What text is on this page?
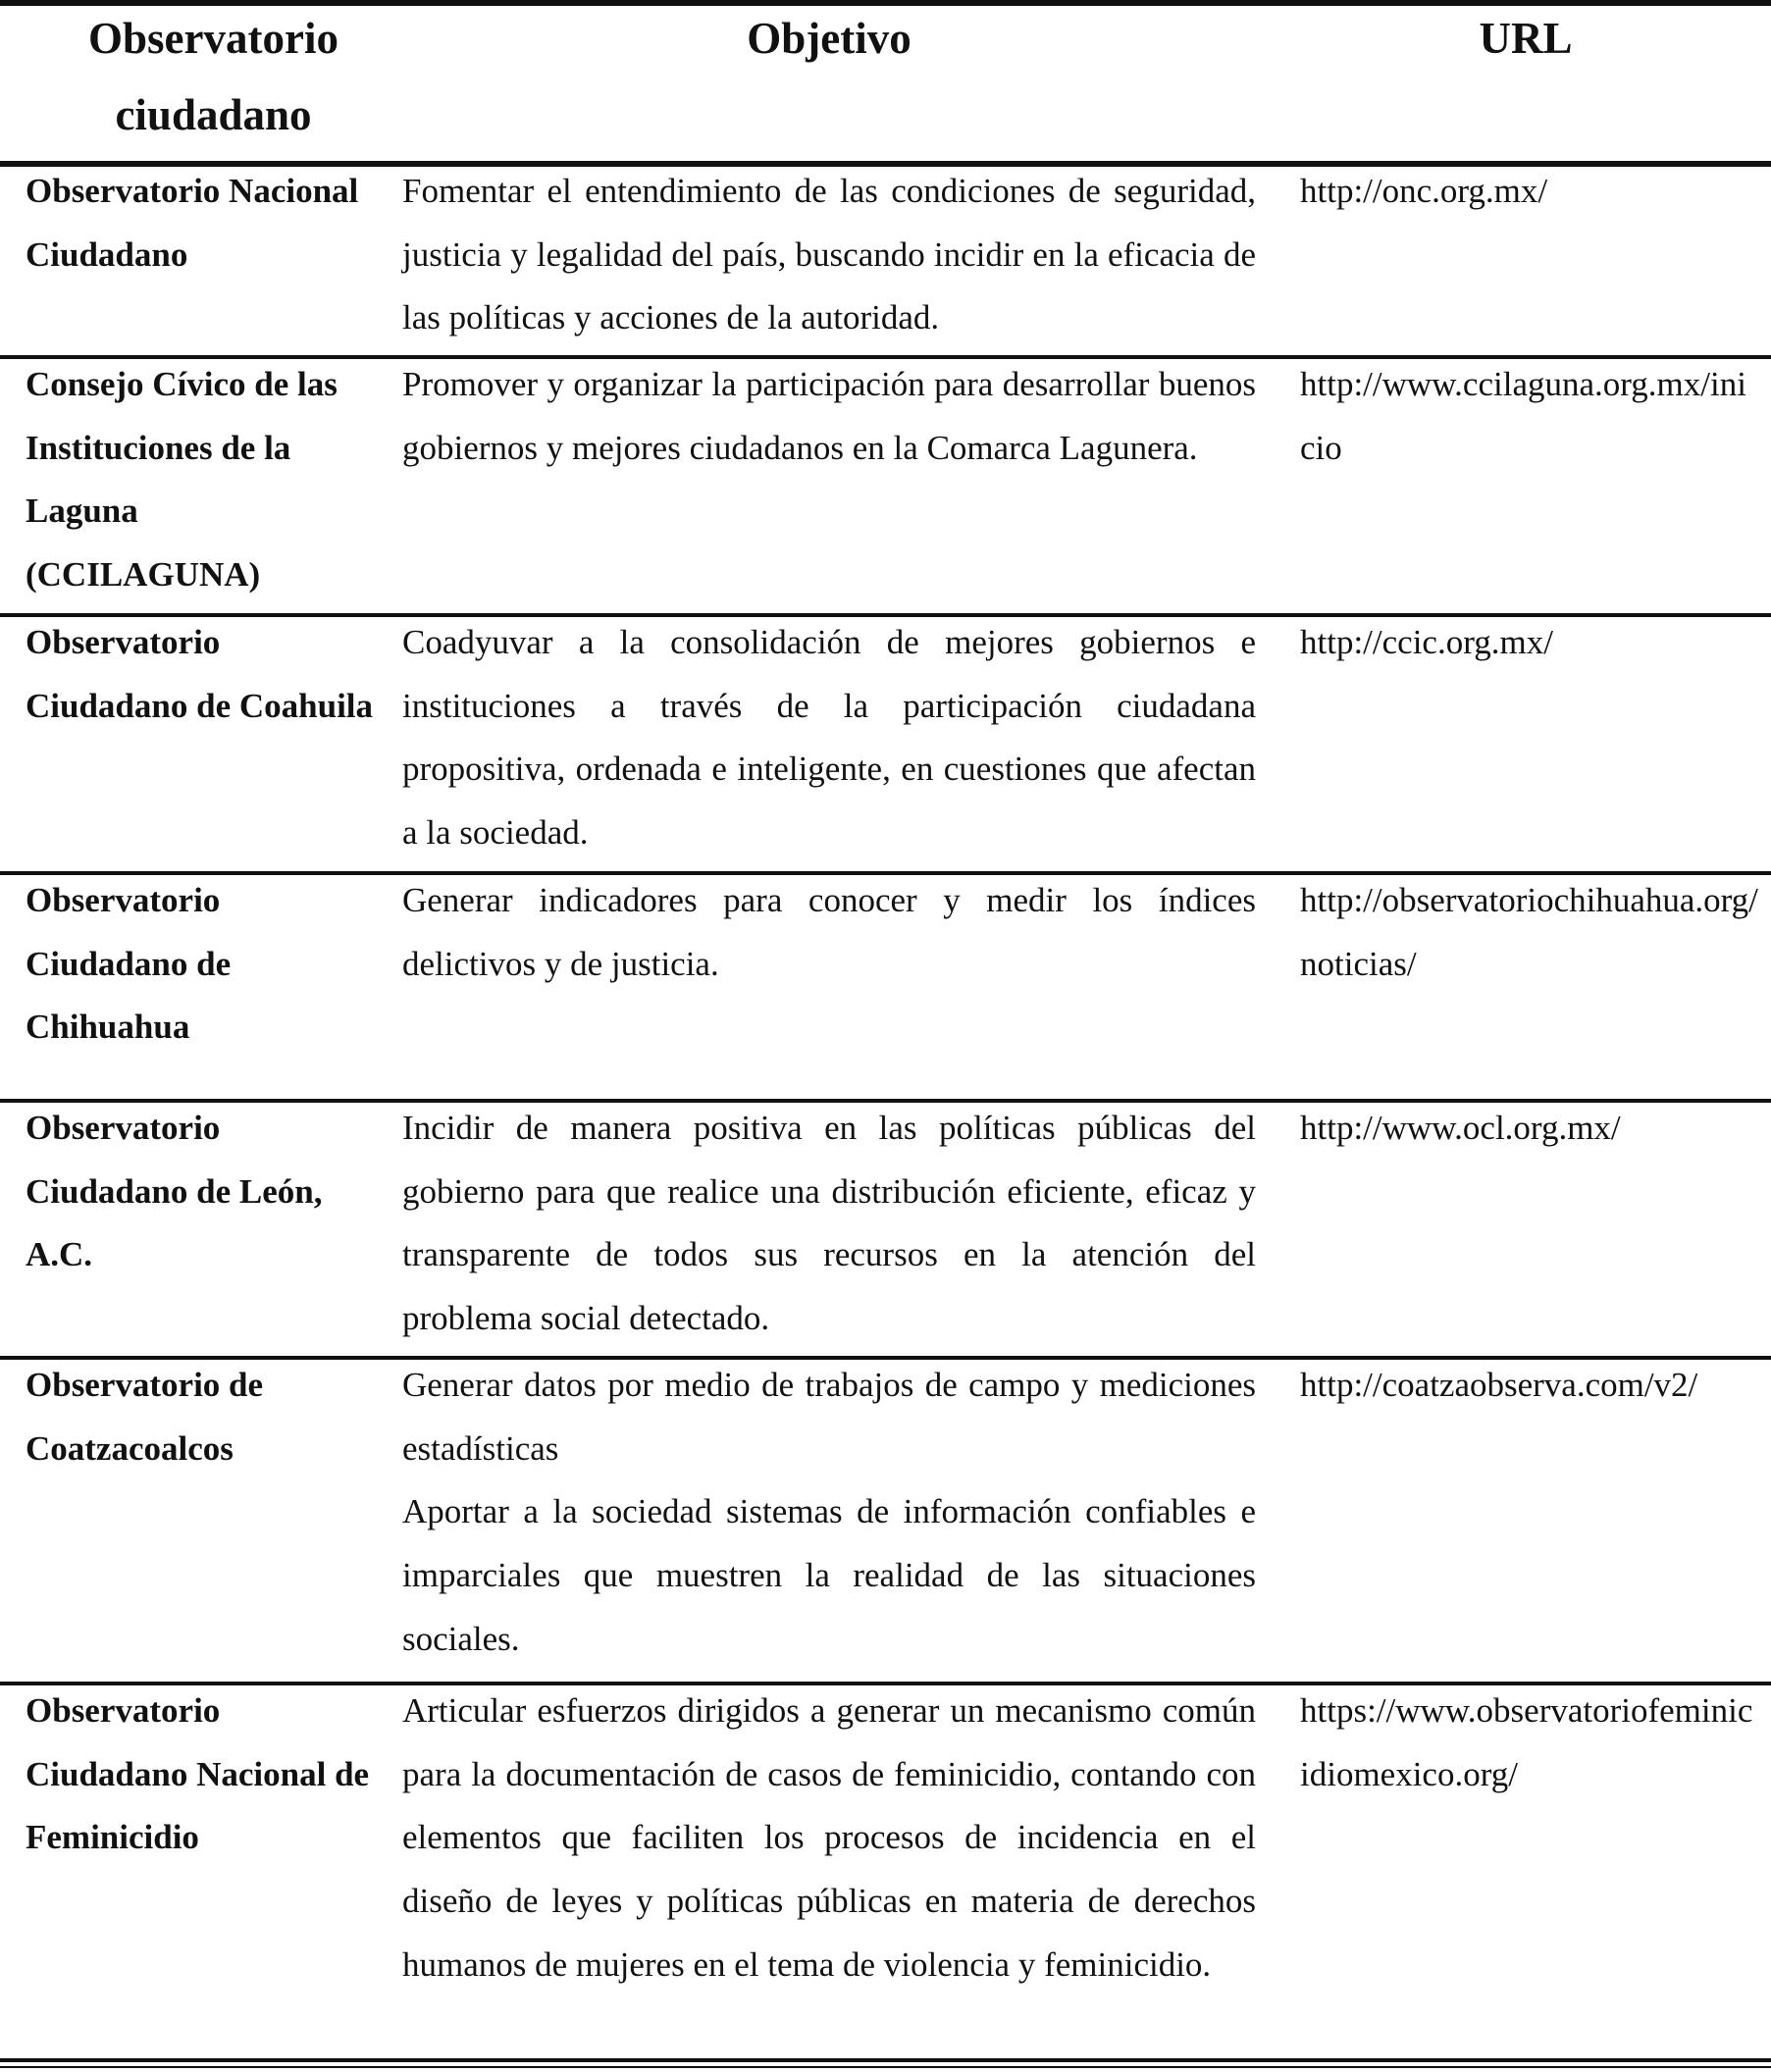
Observatorio ciudadano
Objetivo	URL
Observatorio Nacional Ciudadano
Fomentar el entendimiento de las condiciones de seguridad, justicia y legalidad del país, buscando incidir en la eficacia de las políticas y acciones de la autoridad.
http://onc.org.mx/
Consejo Cívico de las Instituciones de la Laguna (CCILAGUNA)
Promover y organizar la participación para desarrollar buenos gobiernos y mejores ciudadanos en la Comarca Lagunera.
http://www.ccilaguna.org.mx/inicio
Observatorio Ciudadano de Coahuila
Coadyuvar a la consolidación de mejores gobiernos e instituciones a través de la participación ciudadana propositiva, ordenada e inteligente, en cuestiones que afectan a la sociedad.
http://ccic.org.mx/
Observatorio Ciudadano de Chihuahua
Generar indicadores para conocer y medir los índices delictivos y de justicia.
http://observatoriochihuahua.org/noticias/
Observatorio Ciudadano de León, A.C.
Incidir de manera positiva en las políticas públicas del gobierno para que realice una distribución eficiente, eficaz y transparente de todos sus recursos en la atención del problema social detectado.
http://www.ocl.org.mx/
Observatorio de Coatzacoalcos
Generar datos por medio de trabajos de campo y mediciones estadísticas
Aportar a la sociedad sistemas de información confiables e imparciales que muestren la realidad de las situaciones sociales.
http://coatzaobserva.com/v2/
Observatorio Ciudadano Nacional de Feminicidio
Articular esfuerzos dirigidos a generar un mecanismo común para la documentación de casos de feminicidio, contando con elementos que faciliten los procesos de incidencia en el diseño de leyes y políticas públicas en materia de derechos humanos de mujeres en el tema de violencia y feminicidio.
https://www.observatoriofeminicidiomexico.org/
